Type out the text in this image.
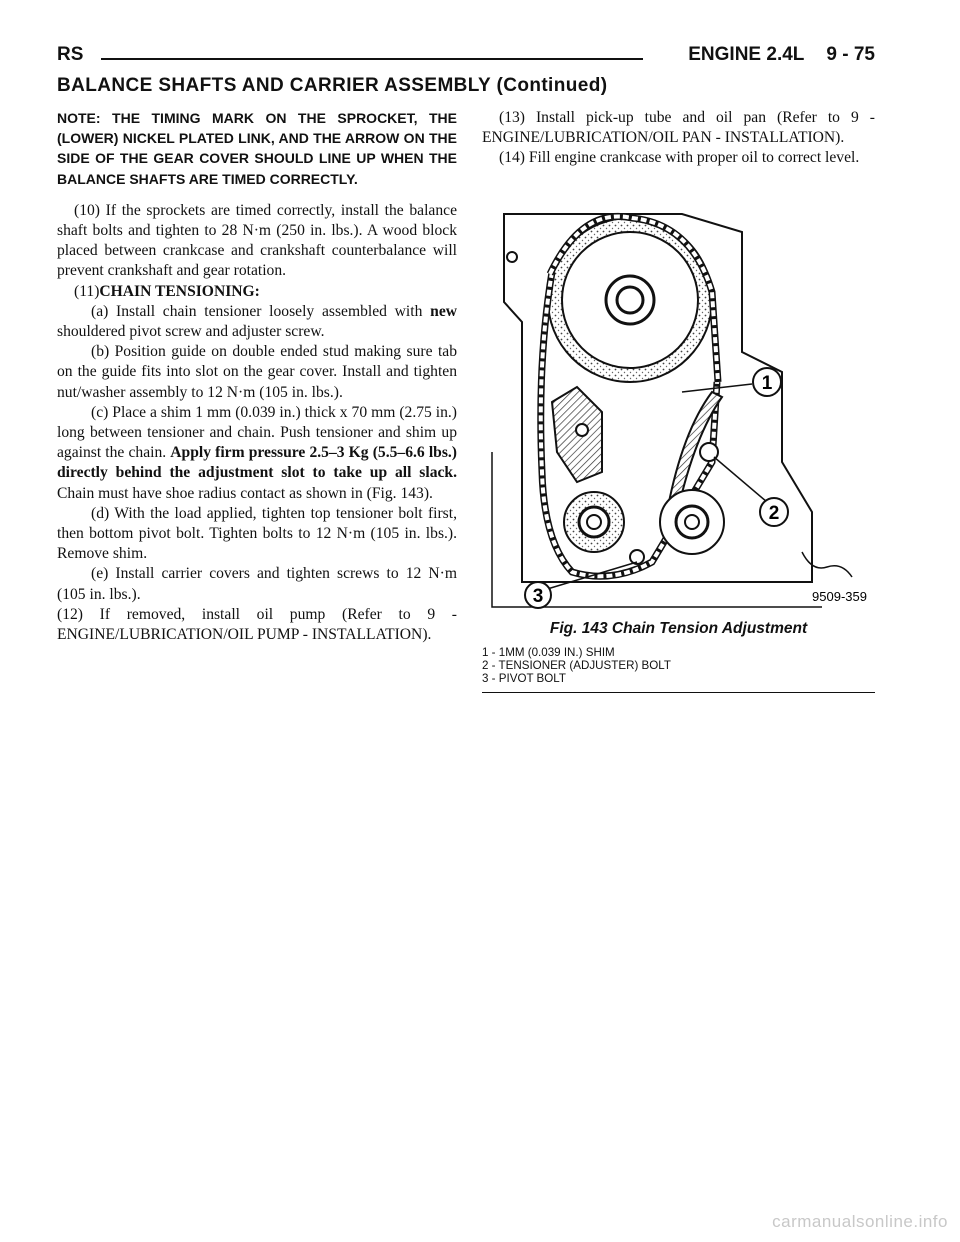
RS	ENGINE 2.4L 9 - 75
BALANCE SHAFTS AND CARRIER ASSEMBLY (Continued)

NOTE: THE TIMING MARK ON THE SPROCKET, THE (LOWER) NICKEL PLATED LINK, AND THE ARROW ON THE SIDE OF THE GEAR COVER SHOULD LINE UP WHEN THE BALANCE SHAFTS ARE TIMED CORRECTLY.

(10) If the sprockets are timed correctly, install the balance shaft bolts and tighten to 28 N·m (250 in. lbs.). A wood block placed between crankcase and crankshaft counterbalance will prevent crankshaft and gear rotation.

(11)CHAIN TENSIONING:

(a) Install chain tensioner loosely assembled with new shouldered pivot screw and adjuster screw.

(b) Position guide on double ended stud making sure tab on the guide fits into slot on the gear cover. Install and tighten nut/washer assembly to 12 N·m (105 in. lbs.).

(c) Place a shim 1 mm (0.039 in.) thick x 70 mm (2.75 in.) long between tensioner and chain. Push tensioner and shim up against the chain. Apply firm pressure 2.5–3 Kg (5.5–6.6 lbs.) directly behind the adjustment slot to take up all slack. Chain must have shoe radius contact as shown in (Fig. 143).

(d) With the load applied, tighten top tensioner bolt first, then bottom pivot bolt. Tighten bolts to 12 N·m (105 in. lbs.). Remove shim.

(e) Install carrier covers and tighten screws to 12 N·m (105 in. lbs.).

(12) If removed, install oil pump (Refer to 9 - ENGINE/LUBRICATION/OIL PUMP - INSTALLATION).

(13) Install pick-up tube and oil pan (Refer to 9 - ENGINE/LUBRICATION/OIL PAN - INSTALLATION).

(14) Fill engine crankcase with proper oil to correct level.

1
2
3	9509-359
Fig. 143 Chain Tension Adjustment
1 - 1MM (0.039 IN.) SHIM
2 - TENSIONER (ADJUSTER) BOLT
3 - PIVOT BOLT
carmanualsonline.info
